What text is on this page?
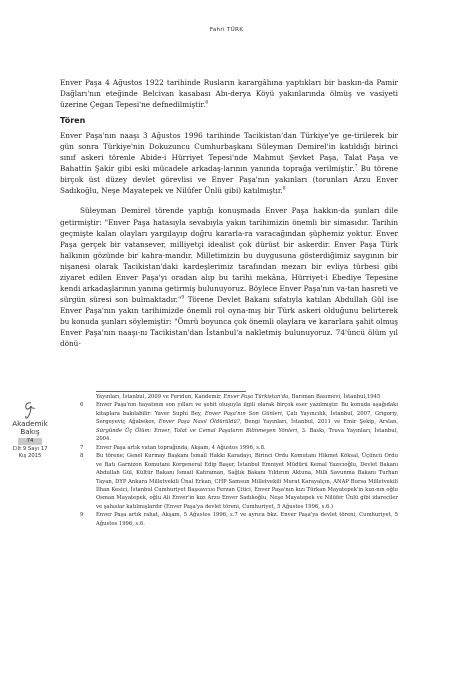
Fahri TÜRK

Enver Paşa 4 Ağustos 1922 tarihinde Rusların karargâhına yaptıkları bir baskın-da Pamir Dağları'nın eteğinde Belcivan kasabası Abı-derya Köyü yakınlarında ölmüş ve vasiyeti üzerine Çegan Tepesi'ne defnedilmiştir.$^6$

Tören

Enver Paşa'nın naaşı 3 Ağustos 1996 tarihinde Tacikistan'dan Türkiye'ye ge-tirilerek bir gün sonra Türkiye'nin Dokuzuncu Cumhurbaşkanı Süleyman Demirel'in katıldığı birinci sınıf askeri törenle Abide-i Hürriyet Tepesi'nde Mahmut Şevket Paşa, Talat Paşa ve Bahattin Şakir gibi eski mücadele arkadaş-larının yanında toprağa verilmiştir.$^7$ Bu törene birçok üst düzey devlet görevlisi ve Enver Paşa'nın yakınları (torunları Arzu Enver Sadıkoğlu, Neşe Mayatepek ve Nilüfer Ünlü gibi) katılmıştır.$^8$

Süleyman Demirel törende yaptığı konuşmada Enver Paşa hakkın-da şunları dile getirmiştir: "Enver Paşa hatasıyla sevabıyla yakın tarihimizin önemli bir simasıdır. Tarihin geçmişte kalan olayları yargılayıp doğru kararla-ra varacağından şüphemiz yoktur. Enver Paşa gerçek bir vatansever, milliyetçi idealist çok dürüst bir askerdir. Enver Paşa Türk halkının gözünde bir kahra-mandır. Milletimizin bu duygusuna gösterdiğimiz saygının bir nişanesi olarak Tacikistan'daki kardeşlerimiz tarafından mezarı bir evliya türbesi gibi ziyaret edilen Enver Paşa'yı oradan alıp bu tarihi mekâna, Hürriyet-i Ebediye Tepesine kendi arkadaşlarının yanına getirmiş bulunuyoruz. Böylece Enver Paşa'nın va-tan hasreti ve sürgün süresi son bulmaktadır."$^9$ Törene Devlet Bakanı sıfatıyla katılan Abdullah Gül ise Enver Paşa'nın yakın tarihimizde önemli rol oyna-mış bir Türk askeri olduğunu belirterek bu konuda şunları söylemiştir: "Ömrü boyunca çok önemli olaylara ve kararlara şahit olmuş Enver Paşa'nın naaşı-nı Tacikistan'dan İstanbul'a nakletmiş bulunuyoruz. 74'üncü ölüm yıl dönü-

Yayınları, İstanbul, 2009 ve Feridun, Kandemir, Enver Paşa Türkistan'da, Barıman Basımevi, İstanbul,1945
6	Enver Paşa'nın hayatının son yılları ve şehit oluşuyla ilgili olarak birçok eser yazılmıştır. Bu konuda aşağıdaki kitaplara bakılabilir: Yaver Suphi Bey, Enver Paşa'nın Son Günleri, Çatı Yayıncılık, İstanbul, 2007, Grigoriy, Sergeyeviç Ağabekov, Enver Paşa Nasıl Öldürüldü?, Bengi Yayınları, İstanbul, 2011 ve Emir Şekip, Arslan, Sürgünde Üç Ölüm: Enver, Talat ve Cemal Paşaların Bilinmeyen Yönleri, 3. Baskı, Truva Yayınları, İstanbul, 2004.
7	Enver Paşa artık vatan toprağında, Akşam, 4 Ağustos 1996, s.8.
8	Bu törene; Genel Kurmay Başkanı İsmail Hakkı Karadayı, Birinci Ordu Komutanı Hikmet Köksal, Üçüncü Ordu ve Batı Garnizon Komutanı Korgeneral Edip Başer, İstanbul Emniyet Müdürü Kemal Yazıcıoğlu, Devlet Bakanı Abdullah Gül, Kültür Bakanı İsmail Kahraman, Sağlık Bakanı Yıldırım Aktuna, Milli Savunma Bakanı Turhan Tayan, DYP Ankara Milletvekili Ünal Erkan, CHP Samsun Milletvekili Murat Karayalçın, ANAP Bursa Milletvekili İlhan Kesici, İstanbul Cumhuriyet Başsavcısı Ferzan Çitici, Enver Paşa'nın kızı Türkan Mayatepek'in kızı-nın oğlu Osman Mayatepek, oğlu Ali Enver'in kızı Arzu Enver Sadıkoğlu, Neşe Mayatepek ve Nilüfer Ünlü gibi idareciler ve şahıslar katılmışlardır (Enver Paşa'ya devlet töreni, Cumhuriyet, 5 Ağustos 1996, s.6.)
9	Enver Paşa artık rahat, Akşam, 5 Ağustos 1996, s.7 ve ayrıca bkz. Enver Paşa'ya devlet töreni, Cumhuriyet, 5 Ağustos 1996, s.6.
Akademik
Bakış
74
Cilt 9 Sayı 17
Kış 2015
